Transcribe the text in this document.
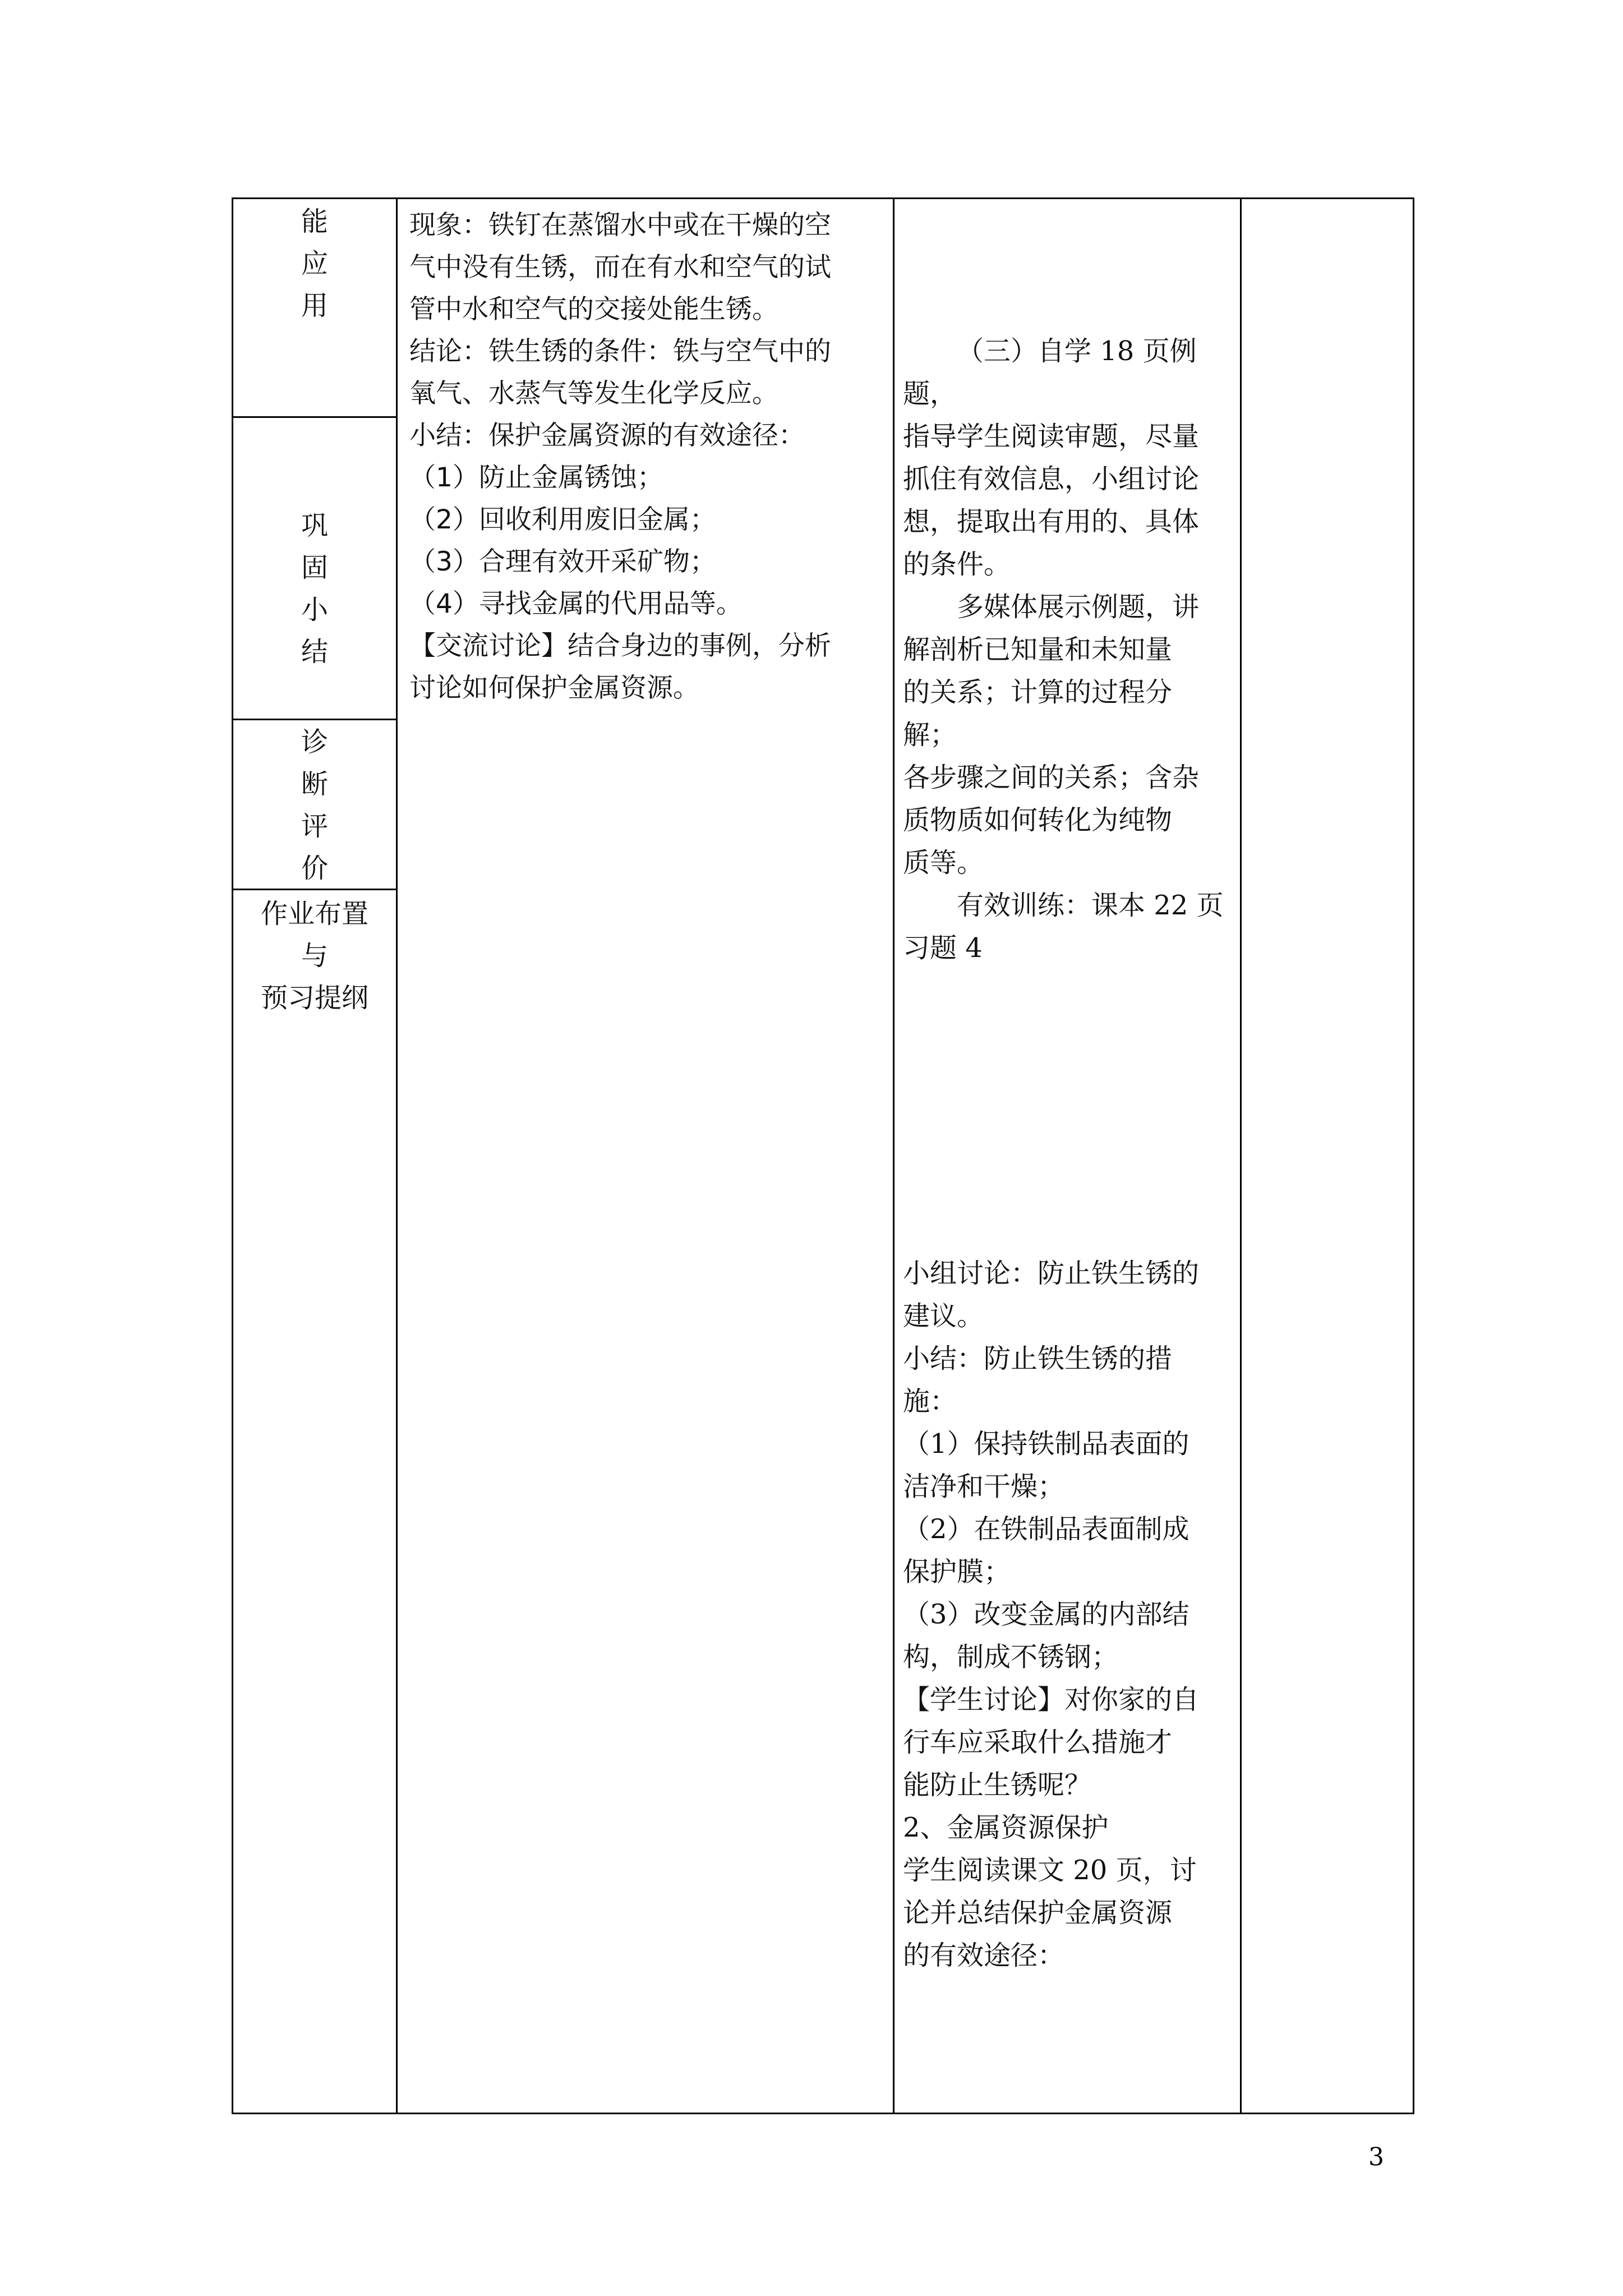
能
应
用
巩
固
小
结
诊
断
评
价
作业布置
与
预习提纲

现象：铁钉在蒸馏水中或在干燥的空

气中没有生锈，而在有水和空气的试

管中水和空气的交接处能生锈。

结论：铁生锈的条件：铁与空气中的

氧气、水蒸气等发生化学反应。

小结：保护金属资源的有效途径：

（1）防止金属锈蚀；

（2）回收利用废旧金属；

（3）合理有效开采矿物；

（4）寻找金属的代用品等。

【交流讨论】结合身边的事例，分析

讨论如何保护金属资源。

（三）自学 18 页例题，

指导学生阅读审题，尽量

抓住有效信息，小组讨论

想，提取出有用的、具体

的条件。

多媒体展示例题，讲

解剖析已知量和未知量

的关系；计算的过程分解；

各步骤之间的关系；含杂

质物质如何转化为纯物

质等。

有效训练：课本 22 页

习题 4

小组讨论：防止铁生锈的

建议。

小结：防止铁生锈的措施：

（1）保持铁制品表面的

洁净和干燥；

（2）在铁制品表面制成

保护膜；

（3）改变金属的内部结

构，制成不锈钢；

【学生讨论】对你家的自

行车应采取什么措施才

能防止生锈呢？

2、金属资源保护

学生阅读课文 20 页，讨

论并总结保护金属资源

的有效途径：

3
